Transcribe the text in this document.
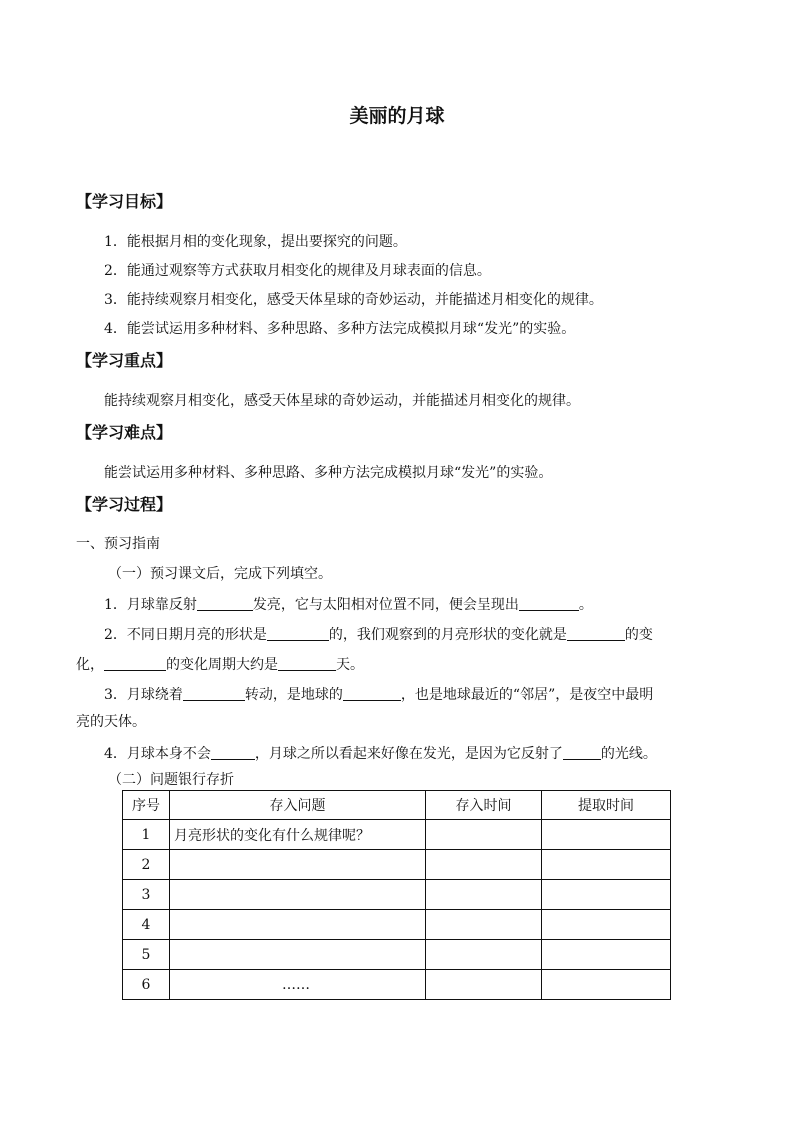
美丽的月球
【学习目标】
1．能根据月相的变化现象，提出要探究的问题。
2．能通过观察等方式获取月相变化的规律及月球表面的信息。
3．能持续观察月相变化，感受天体星球的奇妙运动，并能描述月相变化的规律。
4．能尝试运用多种材料、多种思路、多种方法完成模拟月球“发光”的实验。
【学习重点】
能持续观察月相变化，感受天体星球的奇妙运动，并能描述月相变化的规律。
【学习难点】
能尝试运用多种材料、多种思路、多种方法完成模拟月球“发光”的实验。
【学习过程】
一、预习指南
（一）预习课文后，完成下列填空。
1．月球靠反射	发亮，它与太阳相对位置不同，便会呈现出	。
2．不同日期月亮的形状是	的，我们观察到的月亮形状的变化就是	的变
化，	的变化周期大约是	天。
3．月球绕着	转动，是地球的	，也是地球最近的“邻居”，是夜空中最明
亮的天体。
4．月球本身不会	，月球之所以看起来好像在发光，是因为它反射了	的光线。
（二）问题银行存折
序号	存入问题	存入时间	提取时间
1	月亮形状的变化有什么规律呢？		
2			
3			
4			
5			
6	……		
